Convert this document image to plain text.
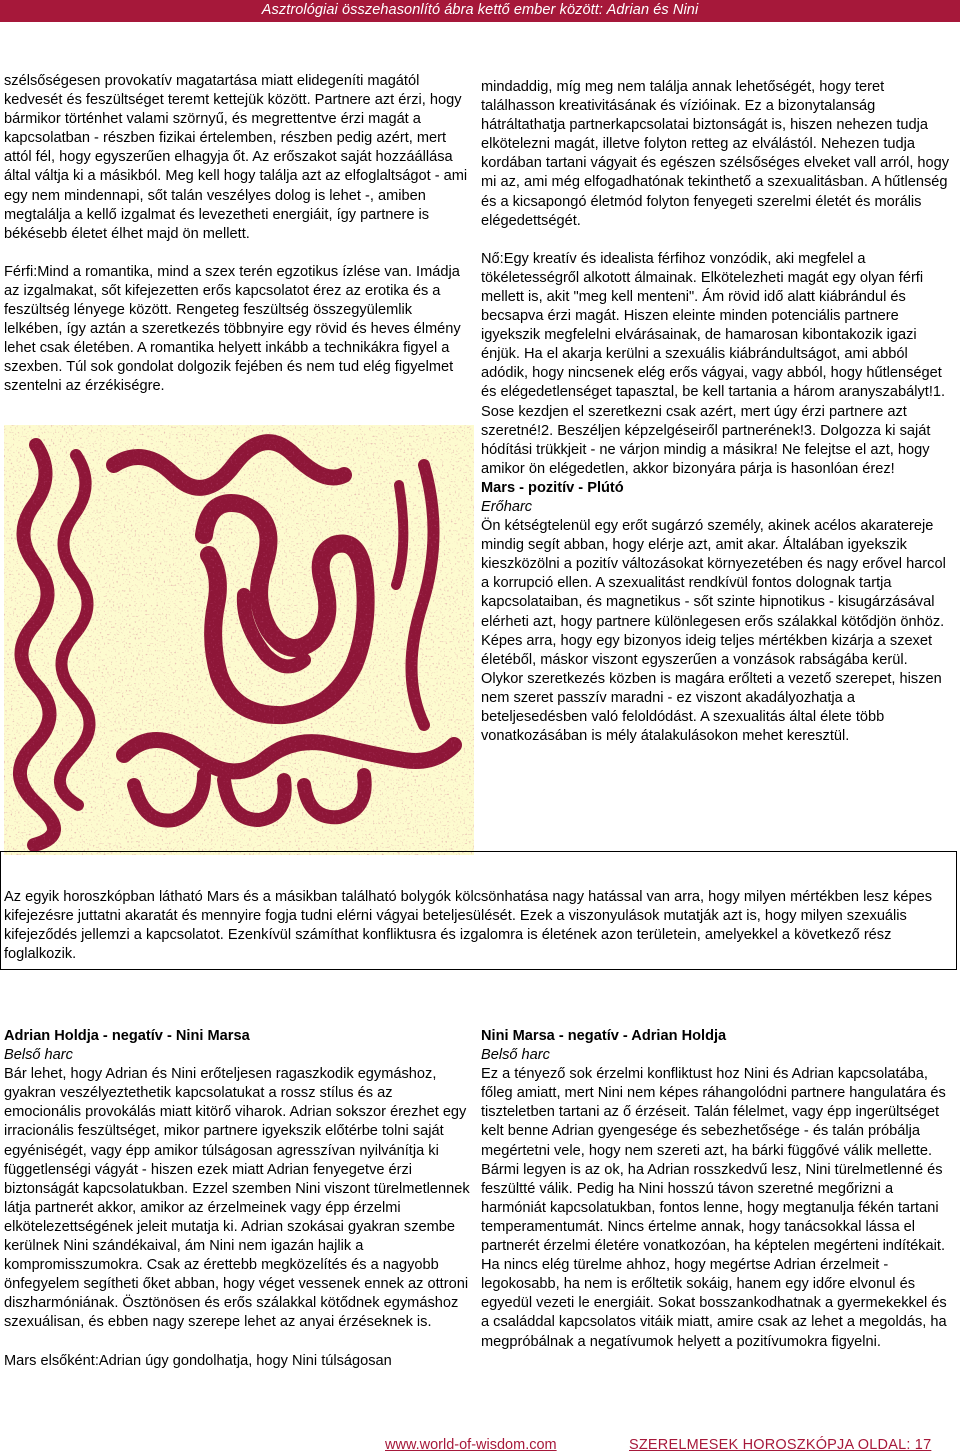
Asztrológiai összehasonlító ábra kettő ember között: Adrian és Nini

szélsőségesen provokatív magatartása miatt elidegeníti magától kedvesét és feszültséget teremt kettejük között. Partnere azt érzi, hogy bármikor történhet valami szörnyű, és megrettentve érzi magát a kapcsolatban - részben fizikai értelemben, részben pedig azért, mert attól fél, hogy egyszerűen elhagyja őt. Az erőszakot saját hozzáállása által váltja ki a másikból. Meg kell hogy találja azt az elfoglaltságot - ami egy nem mindennapi, sőt talán veszélyes dolog is lehet -, amiben megtalálja a kellő izgalmat és levezetheti energiáit, így partnere is békésebb életet élhet majd ön mellett.

Férfi:Mind a romantika, mind a szex terén egzotikus ízlése van. Imádja az izgalmakat, sőt kifejezetten erős kapcsolatot érez az erotika és a feszültség lényege között. Rengeteg feszültség összegyülemlik lelkében, így aztán a szeretkezés többnyire egy rövid és heves élmény lehet csak életében. A romantika helyett inkább a technikákra figyel a szexben. Túl sok gondolat dolgozik fejében és nem tud elég figyelmet szentelni az érzékiségre.

mindaddig, míg meg nem találja annak lehetőségét, hogy teret találhasson kreativitásának és vízióinak. Ez a bizonytalanság hátráltathatja partnerkapcsolatai biztonságát is, hiszen nehezen tudja elkötelezni magát, illetve folyton retteg az elválástól. Nehezen tudja kordában tartani vágyait és egészen szélsőséges elveket vall arról, hogy mi az, ami még elfogadhatónak tekinthető a szexualitásban. A hűtlenség és a kicsapongó életmód folyton fenyegeti szerelmi életét és morális elégedettségét.

Nő:Egy kreatív és idealista férfihoz vonzódik, aki megfelel a tökéletességről alkotott álmainak. Elkötelezheti magát egy olyan férfi mellett is, akit "meg kell menteni". Ám rövid idő alatt kiábrándul és becsapva érzi magát. Hiszen eleinte minden potenciális partnere igyekszik megfelelni elvárásainak, de hamarosan kibontakozik igazi énjük. Ha el akarja kerülni a szexuális kiábrándultságot, ami abból adódik, hogy nincsenek elég erős vágyai, vagy abból, hogy hűtlenséget és elégedetlenséget tapasztal, be kell tartania a három aranyszabályt!1. Sose kezdjen el szeretkezni csak azért, mert úgy érzi partnere azt szeretné!2. Beszéljen képzelgéseiről partnerének!3. Dolgozza ki saját hódítási trükkjeit - ne várjon mindig a másikra! Ne felejtse el azt, hogy amikor ön elégedetlen, akkor bizonyára párja is hasonlóan érez!

Mars - pozitív - Plútó

Erőharc

Ön kétségtelenül egy erőt sugárzó személy, akinek acélos akaratereje mindig segít abban, hogy elérje azt, amit akar. Általában igyekszik kieszközölni a pozitív változásokat környezetében és nagy erővel harcol a korrupció ellen. A szexualitást rendkívül fontos dolognak tartja kapcsolataiban, és magnetikus - sőt szinte hipnotikus - kisugárzásával elérheti azt, hogy partnere különlegesen erős szálakkal kötődjön önhöz. Képes arra, hogy egy bizonyos ideig teljes mértékben kizárja a szexet életéből, máskor viszont egyszerűen a vonzások rabságába kerül. Olykor szeretkezés közben is magára erőlteti a vezető szerepet, hiszen nem szeret passzív maradni - ez viszont akadályozhatja a beteljesedésben való feloldódást. A szexualitás által élete több vonatkozásában is mély átalakulásokon mehet keresztül.

Az egyik horoszkópban látható Mars és a másikban található bolygók kölcsönhatása nagy hatással van arra, hogy milyen mértékben lesz képes kifejezésre juttatni akaratát és mennyire fogja tudni elérni vágyai beteljesülését. Ezek a viszonyulások mutatják azt is, hogy milyen szexuális kifejeződés jellemzi a kapcsolatot. Ezenkívül számíthat konfliktusra és izgalomra is életének azon területein, amelyekkel a következő rész foglalkozik.

Adrian Holdja - negatív - Nini Marsa

Belső harc

Bár lehet, hogy Adrian és Nini erőteljesen ragaszkodik egymáshoz, gyakran veszélyeztethetik kapcsolatukat a rossz stílus és az emocionális provokálás miatt kitörő viharok. Adrian sokszor érezhet egy irracionális feszültséget, mikor partnere igyekszik előtérbe tolni saját egyéniségét, vagy épp amikor túlságosan agresszívan nyilvánítja ki függetlenségi vágyát - hiszen ezek miatt Adrian fenyegetve érzi biztonságát kapcsolatukban. Ezzel szemben Nini viszont türelmetlennek látja partnerét akkor, amikor az érzelmeinek vagy épp érzelmi elkötelezettségének jeleit mutatja ki. Adrian szokásai gyakran szembe kerülnek Nini szándékaival, ám Nini nem igazán hajlik a kompromisszumokra. Csak az érettebb megközelítés és a nagyobb önfegyelem segítheti őket abban, hogy véget vessenek ennek az ottroni diszharmóniának. Ösztönösen és erős szálakkal kötődnek egymáshoz szexuálisan, és ebben nagy szerepe lehet az anyai érzéseknek is.

Mars elsőként:Adrian úgy gondolhatja, hogy Nini túlságosan

Nini Marsa - negatív - Adrian Holdja

Belső harc

Ez a tényező sok érzelmi konfliktust hoz Nini és Adrian kapcsolatába, főleg amiatt, mert Nini nem képes ráhangolódni partnere hangulatára és tiszteletben tartani az ő érzéseit. Talán félelmet, vagy épp ingerültséget kelt benne Adrian gyengesége és sebezhetősége - és talán próbálja megértetni vele, hogy nem szereti azt, ha bárki függővé válik mellette. Bármi legyen is az ok, ha Adrian rosszkedvű lesz, Nini türelmetlenné és feszültté válik. Pedig ha Nini hosszú távon szeretné megőrizni a harmóniát kapcsolatukban, fontos lenne, hogy megtanulja fékén tartani temperamentumát. Nincs értelme annak, hogy tanácsokkal lássa el partnerét érzelmi életére vonatkozóan, ha képtelen megérteni indítékait. Ha nincs elég türelme ahhoz, hogy megértse Adrian érzelmeit - legokosabb, ha nem is erőltetik sokáig, hanem egy időre elvonul és egyedül vezeti le energiáit. Sokat bosszankodhatnak a gyermekekkel és a családdal kapcsolatos vitáik miatt, amire csak az lehet a megoldás, ha megpróbálnak a negatívumok helyett a pozitívumokra figyelni.

www.world-of-wisdom.com	SZERELMESEK HOROSZKÓPJA OLDAL: 17
